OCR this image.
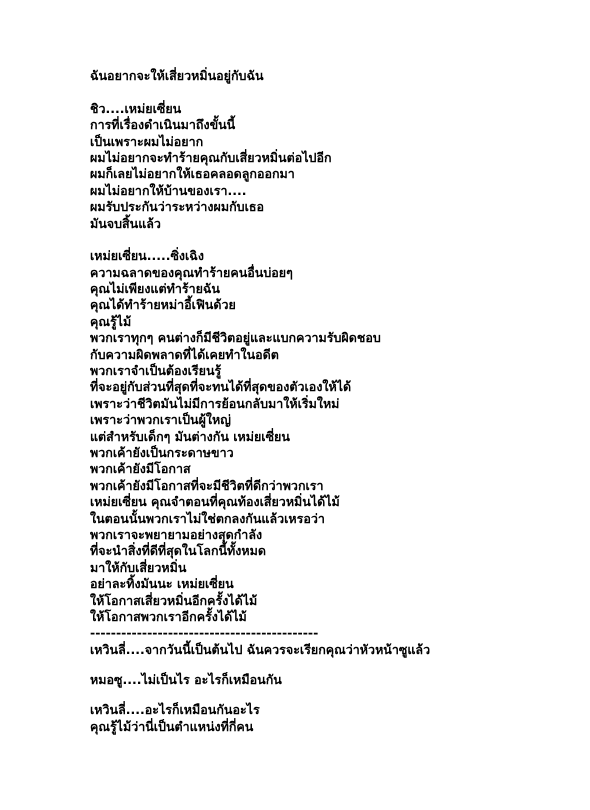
ฉันอยากจะให้เสี่ยวหมิ่นอยู่กับฉัน
ชิว....เหม่ยเซี่ยน
การที่เรื่องดำเนินมาถึงขั้นนี้
เป็นเพราะผมไม่อยาก
ผมไม่อยากจะทำร้ายคุณกับเสี่ยวหมิ่นต่อไปอีก
ผมก็เลยไม่อยากให้เธอคลอดลูกออกมา
ผมไม่อยากให้บ้านของเรา....
ผมรับประกันว่าระหว่างผมกับเธอ
มันจบสิ้นแล้ว
เหม่ยเซี่ยน.....ซิ่งเฉิง
ความฉลาดของคุณทำร้ายคนอื่นบ่อยๆ
คุณไม่เพียงแต่ทำร้ายฉัน
คุณได้ทำร้ายหม่าอี้เฟินด้วย
คุณรู้ไม้
พวกเราทุกๆ คนต่างก็มีชีวิตอยู่และแบกความรับผิดชอบ
กับความผิดพลาดที่ได้เคยทำในอดีต
พวกเราจำเป็นต้องเรียนรู้
ที่จะอยู่กับส่วนที่สุดที่จะทนได้ที่สุดของตัวเองให้ได้
เพราะว่าชีวิตมันไม่มีการย้อนกลับมาให้เริ่มใหม่
เพราะว่าพวกเราเป็นผู้ใหญ่
แต่สำหรับเด็กๆ มันต่างกัน เหม่ยเซี่ยน
พวกเค้ายังเป็นกระดาษขาว
พวกเค้ายังมีโอกาส
พวกเค้ายังมีโอกาสที่จะมีชีวิตที่ดีกว่าพวกเรา
เหม่ยเซี่ยน คุณจำตอนที่คุณท้องเสี่ยวหมิ่นได้ไม้
ในตอนนั้นพวกเราไม่ใช่ตกลงกันแล้วเหรอว่า
พวกเราจะพยายามอย่างสุดกำลัง
ที่จะนำสิ่งที่ดีที่สุดในโลกนี้ทั้งหมด
มาให้กับเสี่ยวหมิ่น
อย่าละทิ้งมันนะ เหม่ยเซี่ยน
ให้โอกาสเสี่ยวหมิ่นอีกครั้งได้ไม้
ให้โอกาสพวกเราอีกครั้งได้ไม้
--------------------------------------------
เหวินลี่....จากวันนี้เป็นต้นไป ฉันควรจะเรียกคุณว่าหัวหน้าซูแล้ว
หมอซู....ไม่เป็นไร อะไรก็เหมือนกัน
เหวินลี่....อะไรก็เหมือนกันอะไร
คุณรู้ไม้ว่านี่เป็นตำแหน่งที่กี่คน
